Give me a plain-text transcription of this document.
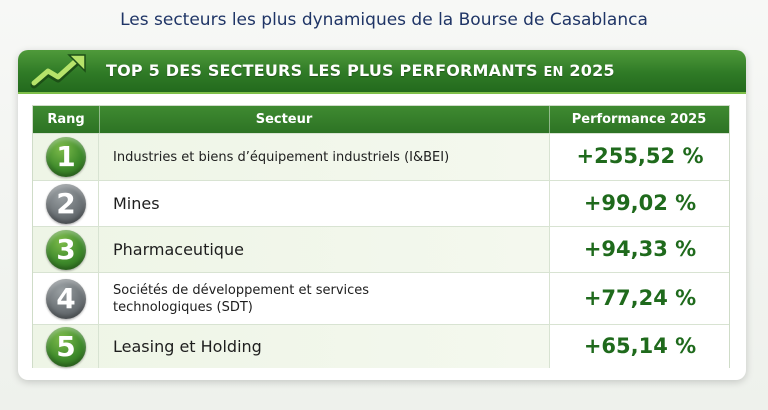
Les secteurs les plus dynamiques de la Bourse de Casablanca
TOP 5 DES SECTEURS LES PLUS PERFORMANTS EN 2025
Rang	Secteur	Performance 2025
1	Industries et biens d’équipement industriels (I&BEI)	+255,52 %
2	Mines	+99,02 %
3	Pharmaceutique	+94,33 %
4	Sociétés de développement et services technologiques (SDT)	+77,24 %
5	Leasing et Holding	+65,14 %
